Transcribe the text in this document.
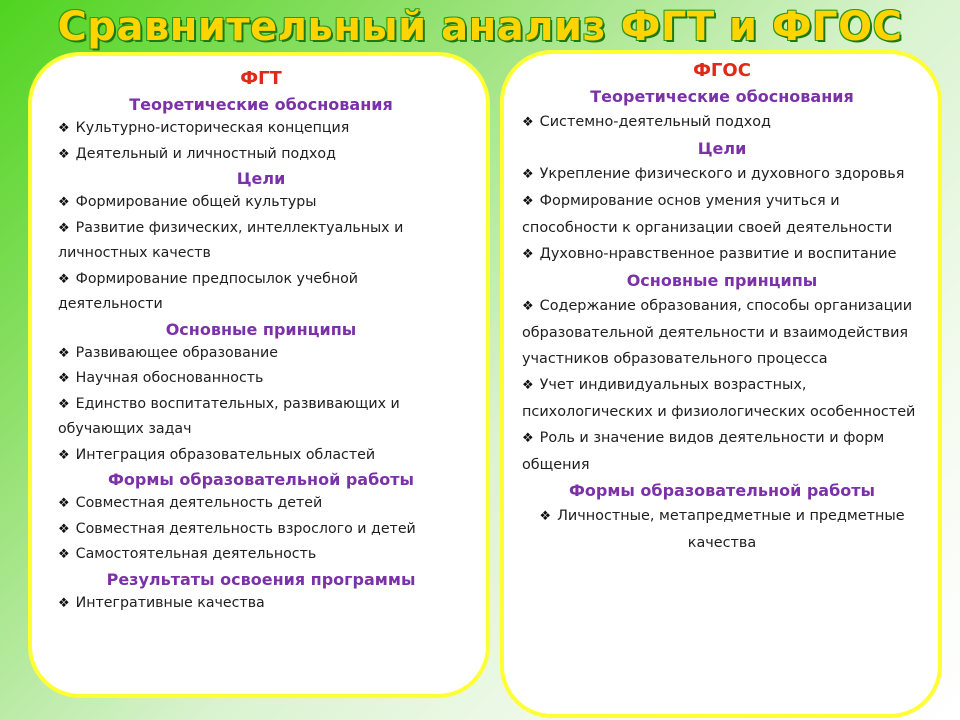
Сравнительный анализ ФГТ и ФГОС
ФГТ
Теоретические обоснования
❖ Культурно-историческая концепция
❖ Деятельный и личностный подход
Цели
❖ Формирование общей культуры
❖ Развитие физических, интеллектуальных и личностных качеств
❖ Формирование предпосылок учебной деятельности
Основные принципы
❖ Развивающее образование
❖ Научная обоснованность
❖ Единство воспитательных, развивающих и обучающих задач
❖ Интеграция образовательных областей
Формы образовательной работы
❖ Совместная деятельность детей
❖ Совместная деятельность взрослого и детей
❖ Самостоятельная деятельность
Результаты освоения программы
❖ Интегративные качества
ФГОС
Теоретические обоснования
❖ Системно-деятельный подход
Цели
❖ Укрепление физического и духовного здоровья
❖ Формирование основ умения учиться и способности к организации своей деятельности
❖ Духовно-нравственное развитие и воспитание
Основные принципы
❖ Содержание образования, способы организации образовательной деятельности и взаимодействия участников образовательного процесса
❖ Учет индивидуальных возрастных, психологических и физиологических особенностей
❖ Роль и значение видов деятельности и форм общения
Формы образовательной работы
❖ Личностные, метапредметные и предметные качества
✦
